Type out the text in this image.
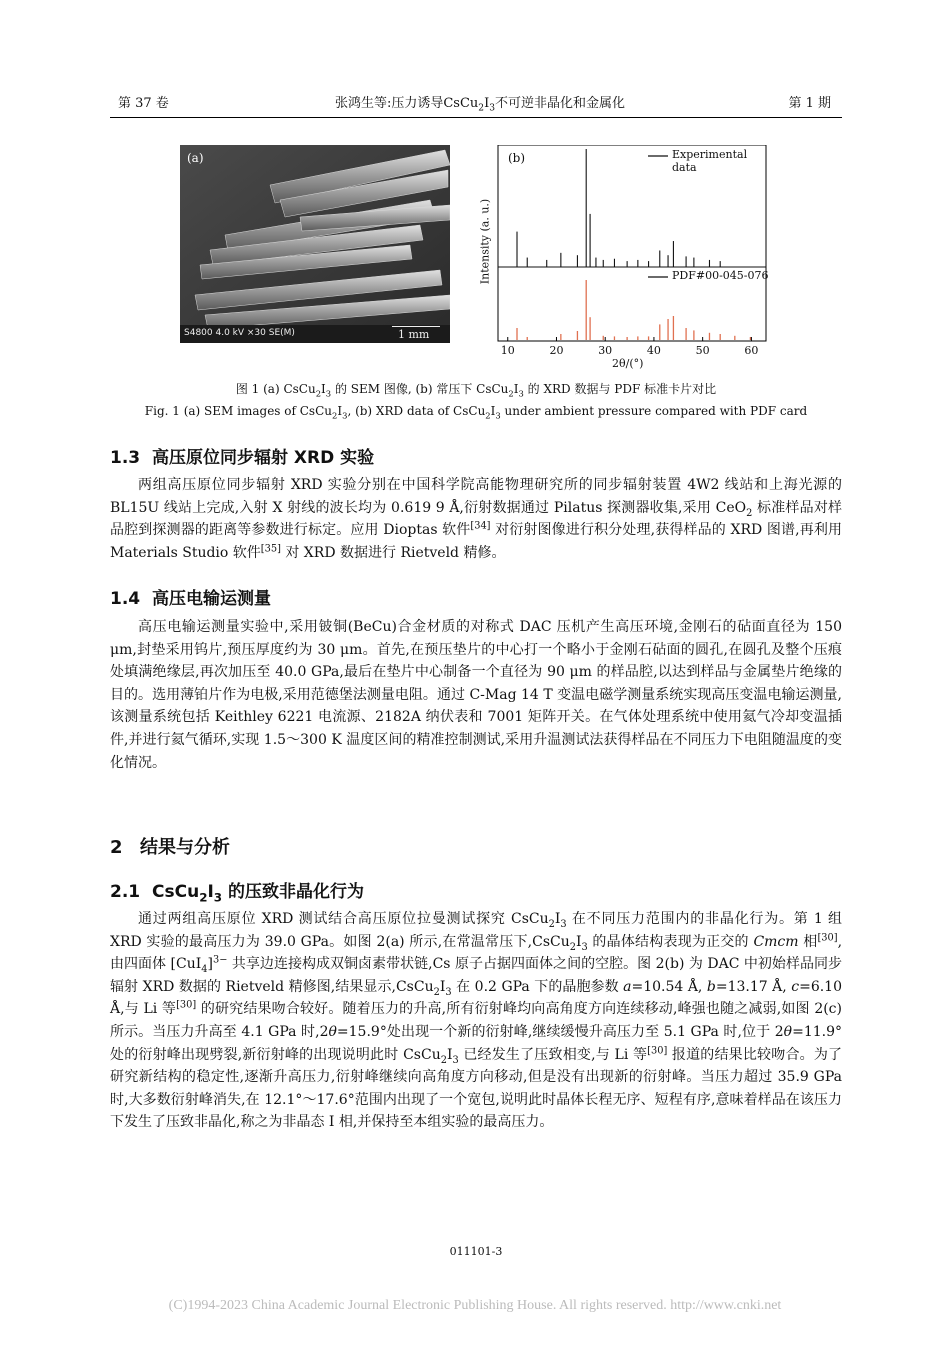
第 37 卷	张鸿生等:压力诱导$CsCu_2I_3$不可逆非晶化和金属化	第 1 期
(a)
S4800 4.0 kV ×30 SE(M)	1 mm
(b)	Experimental data
PDF#00-045-076
Intensity (a. u.)
10	20	30	40	50	60
2θ/(°)
图 1 (a) $CsCu_2I_3$ 的 SEM 图像, (b) 常压下 $CsCu_2I_3$ 的 XRD 数据与 PDF 标准卡片对比
Fig. 1 (a) SEM images of $CsCu_2I_3$, (b) XRD data of $CsCu_2I_3$ under ambient pressure compared with PDF card
1.3 高压原位同步辐射 XRD 实验

两组高压原位同步辐射 XRD 实验分别在中国科学院高能物理研究所的同步辐射装置 4W2 线站和上海光源的 BL15U 线站上完成,入射 X 射线的波长均为 0.619 9 Å,衍射数据通过 Pilatus 探测器收集,采用 CeO$_2$ 标准样品对样品腔到探测器的距离等参数进行标定。应用 Dioptas 软件[34] 对衍射图像进行积分处理,获得样品的 XRD 图谱,再利用 Materials Studio 软件[35] 对 XRD 数据进行 Rietveld 精修。

1.4 高压电输运测量

高压电输运测量实验中,采用铍铜(BeCu)合金材质的对称式 DAC 压机产生高压环境,金刚石的砧面直径为 150 μm,封垫采用钨片,预压厚度约为 30 μm。首先,在预压垫片的中心打一个略小于金刚石砧面的圆孔,在圆孔及整个压痕处填满绝缘层,再次加压至 40.0 GPa,最后在垫片中心制备一个直径为 90 μm 的样品腔,以达到样品与金属垫片绝缘的目的。选用薄铂片作为电极,采用范德堡法测量电阻。通过 C-Mag 14 T 变温电磁学测量系统实现高压变温电输运测量,该测量系统包括 Keithley 6221 电流源、2182A 纳伏表和 7001 矩阵开关。在气体处理系统中使用氦气冷却变温插件,并进行氦气循环,实现 1.5～300 K 温度区间的精准控制测试,采用升温测试法获得样品在不同压力下电阻随温度的变化情况。

2 结果与分析
2.1 $CsCu_2I_3$ 的压致非晶化行为

通过两组高压原位 XRD 测试结合高压原位拉曼测试探究 $CsCu_2I_3$ 在不同压力范围内的非晶化行为。第 1 组 XRD 实验的最高压力为 39.0 GPa。如图 2(a) 所示,在常温常压下$,CsCu_2I_3$ 的晶体结构表现为正交的 Cmcm 相[30],由四面体 $[CuI_4]^{3-}$ 共享边连接构成双铜卤素带状链,Cs 原子占据四面体之间的空腔。图 2(b) 为 DAC 中初始样品同步辐射 XRD 数据的 Rietveld 精修图,结果显示$,CsCu_2I_3$ 在 0.2 GPa 下的晶胞参数 a=10.54 Å, b=13.17 Å, c=6.10 Å,与 Li 等[30] 的研究结果吻合较好。随着压力的升高,所有衍射峰均向高角度方向连续移动,峰强也随之减弱,如图 2(c) 所示。当压力升高至 4.1 GPa 时,2θ=15.9°处出现一个新的衍射峰,继续缓慢升高压力至 5.1 GPa 时,位于 2θ=11.9°处的衍射峰出现劈裂,新衍射峰的出现说明此时 $CsCu_2I_3$ 已经发生了压致相变,与 Li 等[30] 报道的结果比较吻合。为了研究新结构的稳定性,逐渐升高压力,衍射峰继续向高角度方向移动,但是没有出现新的衍射峰。当压力超过 35.9 GPa 时,大多数衍射峰消失,在 12.1°～17.6°范围内出现了一个宽包,说明此时晶体长程无序、短程有序,意味着样品在该压力下发生了压致非晶化,称之为非晶态 Ⅰ 相,并保持至本组实验的最高压力。

011101-3
(C)1994-2023 China Academic Journal Electronic Publishing House. All rights reserved. http://www.cnki.net
